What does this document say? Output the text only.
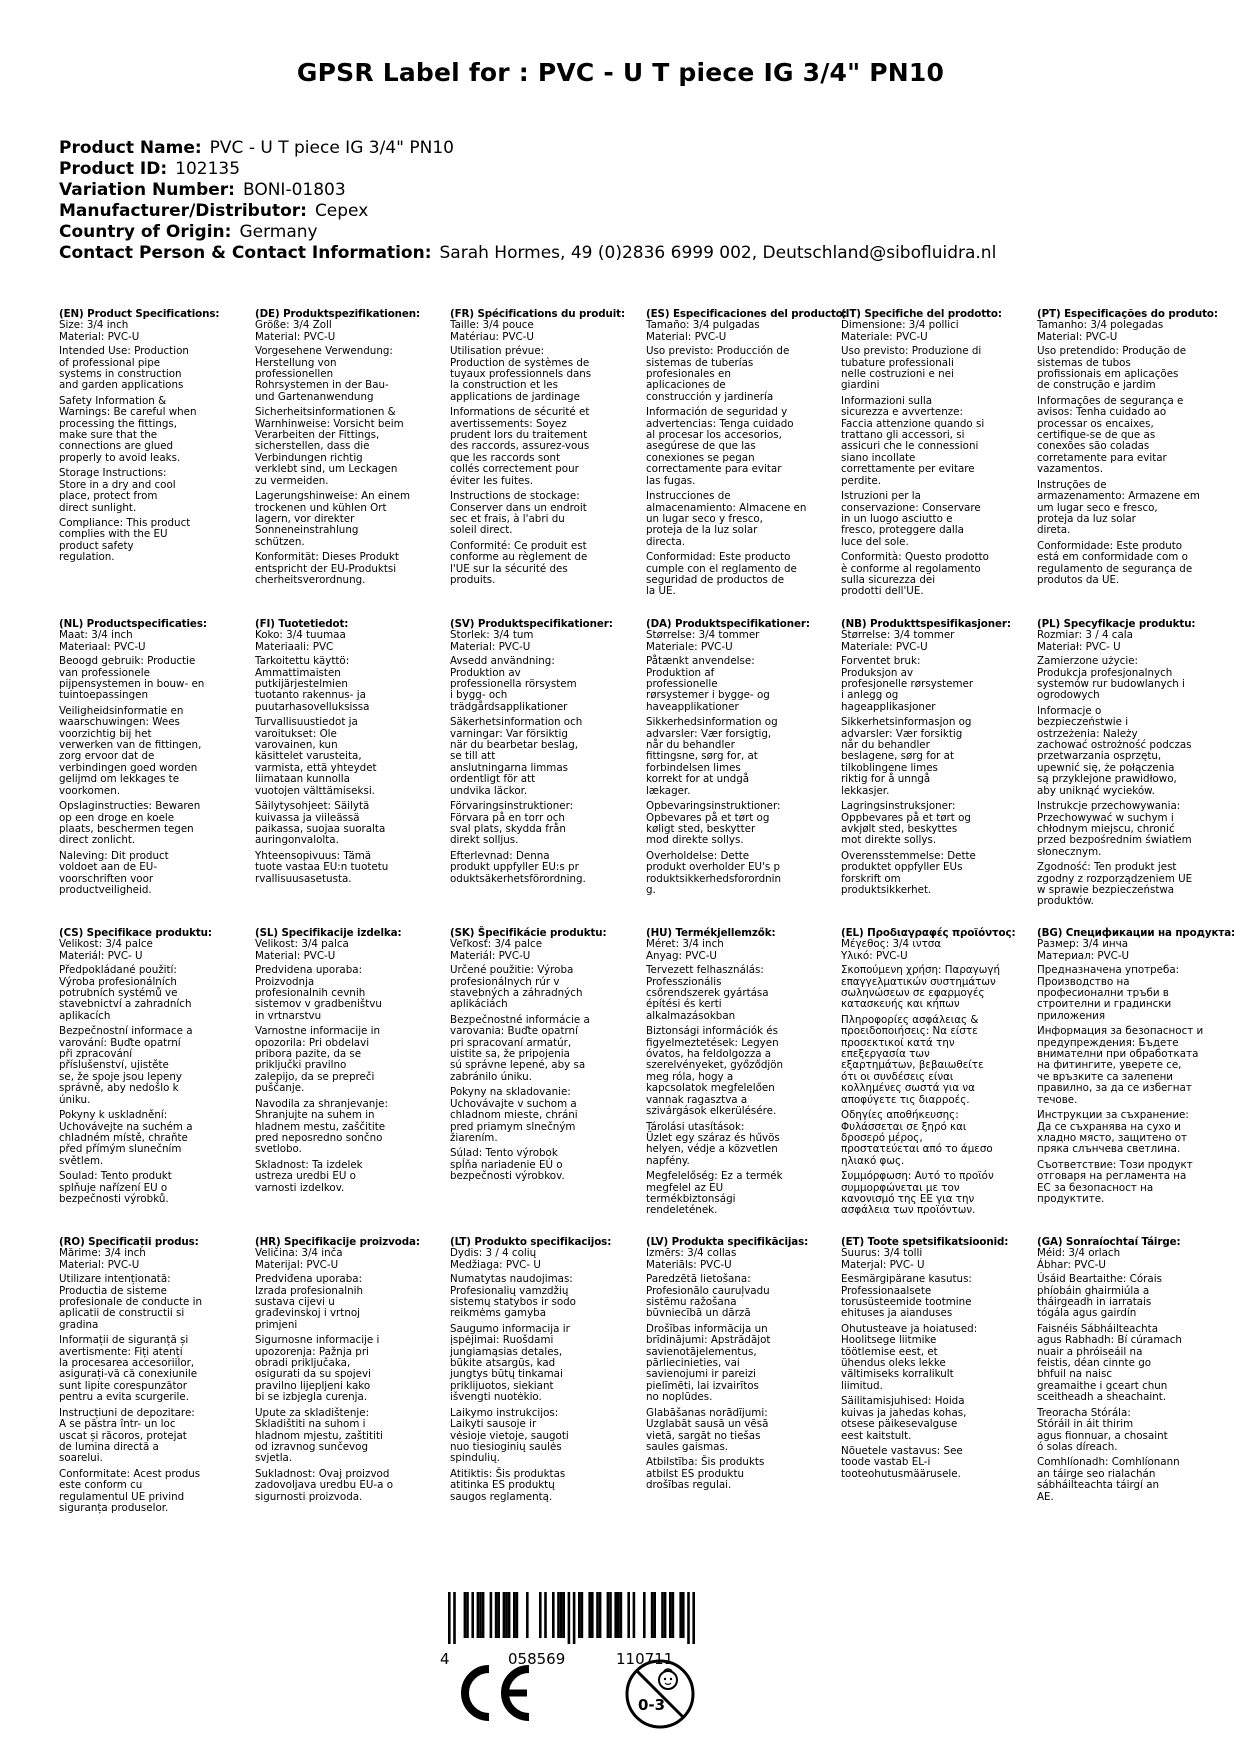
GPSR Label for : PVC - U T piece IG 3/4" PN10
Product Name: PVC - U T piece IG 3/4" PN10
Product ID: 102135
Variation Number: BONI-01803
Manufacturer/Distributor: Cepex
Country of Origin: Germany
Contact Person & Contact Information: Sarah Hormes, 49 (0)2836 6999 002, Deutschland@sibofluidra.nl
(EN) Product Specifications:
Size: 3/4 inch
Material: PVC-U
Intended Use: Production
of professional pipe
systems in construction
and garden applications
Safety Information &
Warnings: Be careful when
processing the fittings,
make sure that the
connections are glued
properly to avoid leaks.
Storage Instructions:
Store in a dry and cool
place, protect from
direct sunlight.
Compliance: This product
complies with the EU
product safety
regulation.
(DE) Produktspezifikationen:
Größe: 3/4 Zoll
Material: PVC-U
Vorgesehene Verwendung:
Herstellung von
professionellen
Rohrsystemen in der Bau-
und Gartenanwendung
Sicherheitsinformationen &
Warnhinweise: Vorsicht beim
Verarbeiten der Fittings,
sicherstellen, dass die
Verbindungen richtig
verklebt sind, um Leckagen
zu vermeiden.
Lagerungshinweise: An einem
trockenen und kühlen Ort
lagern, vor direkter
Sonneneinstrahlung
schützen.
Konformität: Dieses Produkt
entspricht der EU-Produktsi
cherheitsverordnung.
(FR) Spécifications du produit:
Taille: 3/4 pouce
Matériau: PVC-U
Utilisation prévue:
Production de systèmes de
tuyaux professionnels dans
la construction et les
applications de jardinage
Informations de sécurité et
avertissements: Soyez
prudent lors du traitement
des raccords, assurez-vous
que les raccords sont
collés correctement pour
éviter les fuites.
Instructions de stockage:
Conserver dans un endroit
sec et frais, à l'abri du
soleil direct.
Conformité: Ce produit est
conforme au règlement de
l'UE sur la sécurité des
produits.
(ES) Especificaciones del producto:
Tamaño: 3/4 pulgadas
Material: PVC-U
Uso previsto: Producción de
sistemas de tuberías
profesionales en
aplicaciones de
construcción y jardinería
Información de seguridad y
advertencias: Tenga cuidado
al procesar los accesorios,
asegúrese de que las
conexiones se pegan
correctamente para evitar
las fugas.
Instrucciones de
almacenamiento: Almacene en
un lugar seco y fresco,
proteja de la luz solar
directa.
Conformidad: Este producto
cumple con el reglamento de
seguridad de productos de
la UE.
(IT) Specifiche del prodotto:
Dimensione: 3/4 pollici
Materiale: PVC-U
Uso previsto: Produzione di
tubature professionali
nelle costruzioni e nei
giardini
Informazioni sulla
sicurezza e avvertenze:
Faccia attenzione quando si
trattano gli accessori, si
assicuri che le connessioni
siano incollate
correttamente per evitare
perdite.
Istruzioni per la
conservazione: Conservare
in un luogo asciutto e
fresco, proteggere dalla
luce del sole.
Conformità: Questo prodotto
è conforme al regolamento
sulla sicurezza dei
prodotti dell'UE.
(PT) Especificações do produto:
Tamanho: 3/4 polegadas
Material: PVC-U
Uso pretendido: Produção de
sistemas de tubos
profissionais em aplicações
de construção e jardim
Informações de segurança e
avisos: Tenha cuidado ao
processar os encaixes,
certifique-se de que as
conexões são coladas
corretamente para evitar
vazamentos.
Instruções de
armazenamento: Armazene em
um lugar seco e fresco,
proteja da luz solar
direta.
Conformidade: Este produto
está em conformidade com o
regulamento de segurança de
produtos da UE.
(NL) Productspecificaties:
Maat: 3/4 inch
Materiaal: PVC-U
Beoogd gebruik: Productie
van professionele
pijpensystemen in bouw- en
tuintoepassingen
Veiligheidsinformatie en
waarschuwingen: Wees
voorzichtig bij het
verwerken van de fittingen,
zorg ervoor dat de
verbindingen goed worden
gelijmd om lekkages te
voorkomen.
Opslaginstructies: Bewaren
op een droge en koele
plaats, beschermen tegen
direct zonlicht.
Naleving: Dit product
voldoet aan de EU-
voorschriften voor
productveiligheid.
(FI) Tuotetiedot:
Koko: 3/4 tuumaa
Materiaali: PVC
Tarkoitettu käyttö:
Ammattimaisten
putkijärjestelmien
tuotanto rakennus- ja
puutarhasovelluksissa
Turvallisuustiedot ja
varoitukset: Ole
varovainen, kun
käsittelet varusteita,
varmista, että yhteydet
liimataan kunnolla
vuotojen välttämiseksi.
Säilytysohjeet: Säilytä
kuivassa ja viileässä
paikassa, suojaa suoralta
auringonvalolta.
Yhteensopivuus: Tämä
tuote vastaa EU:n tuotetu
rvallisuusasetusta.
(SV) Produktspecifikationer:
Storlek: 3/4 tum
Material: PVC-U
Avsedd användning:
Produktion av
professionella rörsystem
i bygg- och
trädgårdsapplikationer
Säkerhetsinformation och
varningar: Var försiktig
när du bearbetar beslag,
se till att
anslutningarna limmas
ordentligt för att
undvika läckor.
Förvaringsinstruktioner:
Förvara på en torr och
sval plats, skydda från
direkt solljus.
Efterlevnad: Denna
produkt uppfyller EU:s pr
oduktsäkerhetsförordning.
(DA) Produktspecifikationer:
Størrelse: 3/4 tommer
Materiale: PVC-U
Påtænkt anvendelse:
Produktion af
professionelle
rørsystemer i bygge- og
haveapplikationer
Sikkerhedsinformation og
advarsler: Vær forsigtig,
når du behandler
fittingsne, sørg for, at
forbindelsen limes
korrekt for at undgå
lækager.
Opbevaringsinstruktioner:
Opbevares på et tørt og
køligt sted, beskytter
mod direkte sollys.
Overholdelse: Dette
produkt overholder EU's p
roduktsikkerhedsforordnin
g.
(NB) Produkttspesifikasjoner:
Størrelse: 3/4 tommer
Materiale: PVC-U
Forventet bruk:
Produksjon av
profesjonelle rørsystemer
i anlegg og
hageapplikasjoner
Sikkerhetsinformasjon og
advarsler: Vær forsiktig
når du behandler
beslagene, sørg for at
tilkoblingene limes
riktig for å unngå
lekkasjer.
Lagringsinstruksjoner:
Oppbevares på et tørt og
avkjølt sted, beskyttes
mot direkte sollys.
Overensstemmelse: Dette
produktet oppfyller EUs
forskrift om
produktsikkerhet.
(PL) Specyfikacje produktu:
Rozmiar: 3 / 4 cala
Materiał: PVC- U
Zamierzone użycie:
Produkcja profesjonalnych
systemów rur budowlanych i
ogrodowych
Informacje o
bezpieczeństwie i
ostrzeżenia: Należy
zachować ostrożność podczas
przetwarzania osprzętu,
upewnić się, że połączenia
są przyklejone prawidłowo,
aby uniknąć wycieków.
Instrukcje przechowywania:
Przechowywać w suchym i
chłodnym miejscu, chronić
przed bezpośrednim światłem
słonecznym.
Zgodność: Ten produkt jest
zgodny z rozporządzeniem UE
w sprawie bezpieczeństwa
produktów.
(CS) Specifikace produktu:
Velikost: 3/4 palce
Materiál: PVC- U
Předpokládané použití:
Výroba profesionálních
potrubních systémů ve
stavebnictví a zahradních
aplikacích
Bezpečnostní informace a
varování: Buďte opatrní
při zpracování
příslušenství, ujistěte
se, že spoje jsou lepeny
správně, aby nedošlo k
úniku.
Pokyny k uskladnění:
Uchovávejte na suchém a
chladném místě, chraňte
před přímým slunečním
světlem.
Soulad: Tento produkt
splňuje nařízení EU o
bezpečnosti výrobků.
(SL) Specifikacije izdelka:
Velikost: 3/4 palca
Material: PVC-U
Predvidena uporaba:
Proizvodnja
profesionalnih cevnih
sistemov v gradbeništvu
in vrtnarstvu
Varnostne informacije in
opozorila: Pri obdelavi
pribora pazite, da se
priključki pravilno
zalepijo, da se prepreči
puščanje.
Navodila za shranjevanje:
Shranjujte na suhem in
hladnem mestu, zaščitite
pred neposredno sončno
svetlobo.
Skladnost: Ta izdelek
ustreza uredbi EU o
varnosti izdelkov.
(SK) Špecifikácie produktu:
Veľkosť: 3/4 palce
Materiál: PVC-U
Určené použitie: Výroba
profesionálnych rúr v
stavebných a záhradných
aplikáciách
Bezpečnostné informácie a
varovania: Buďte opatrní
pri spracovaní armatúr,
uistite sa, že pripojenia
sú správne lepené, aby sa
zabránilo úniku.
Pokyny na skladovanie:
Uchovávajte v suchom a
chladnom mieste, chráni
pred priamym slnečným
žiarením.
Súlad: Tento výrobok
spĺňa nariadenie EÚ o
bezpečnosti výrobkov.
(HU) Termékjellemzők:
Méret: 3/4 inch
Anyag: PVC-U
Tervezett felhasználás:
Professzionális
csőrendszerek gyártása
építési és kerti
alkalmazásokban
Biztonsági információk és
figyelmeztetések: Legyen
óvatos, ha feldolgozza a
szerelvényeket, győződjön
meg róla, hogy a
kapcsolatok megfelelően
vannak ragasztva a
szivárgások elkerülésére.
Tárolási utasítások:
Üzlet egy száraz és hűvös
helyen, védje a közvetlen
napfény.
Megfelelőség: Ez a termék
megfelel az EU
termékbiztonsági
rendeletének.
(EL) Προδιαγραφές προϊόντος:
Μέγεθος: 3/4 ιντσα
Υλικό: PVC-U
Σκοπούμενη χρήση: Παραγωγή
επαγγελματικών συστημάτων
σωληνώσεων σε εφαρμογές
κατασκευής και κήπων
Πληροφορίες ασφάλειας &
προειδοποιήσεις: Να είστε
προσεκτικοί κατά την
επεξεργασία των
εξαρτημάτων, βεβαιωθείτε
ότι οι συνδέσεις είναι
κολλημένες σωστά για να
αποφύγετε τις διαρροές.
Οδηγίες αποθήκευσης:
Φυλάσσεται σε ξηρό και
δροσερό μέρος,
προστατεύεται από το άμεσο
ηλιακό φως.
Συμμόρφωση: Αυτό το προϊόν
συμμορφώνεται με τον
κανονισμό της ΕΕ για την
ασφάλεια των προϊόντων.
(BG) Спецификации на продукта:
Размер: 3/4 инча
Материал: PVC-U
Предназначена употреба:
Производство на
професионални тръби в
строителни и градински
приложения
Информация за безопасност и
предупреждения: Бъдете
внимателни при обработката
на фитингите, уверете се,
че връзките са залепени
правилно, за да се избегнат
течове.
Инструкции за съхранение:
Да се съхранява на сухо и
хладно място, защитено от
пряка слънчева светлина.
Съответствие: Този продукт
отговаря на регламента на
ЕС за безопасност на
продуктите.
(RO) Specificații produs:
Mărime: 3/4 inch
Material: PVC-U
Utilizare intenționată:
Productia de sisteme
profesionale de conducte in
aplicatii de constructii si
gradina
Informații de siguranță și
avertismente: Fiți atenți
la procesarea accesoriilor,
asigurați-vă că conexiunile
sunt lipite corespunzător
pentru a evita scurgerile.
Instrucțiuni de depozitare:
A se păstra într- un loc
uscat și răcoros, protejat
de lumina directă a
soarelui.
Conformitate: Acest produs
este conform cu
regulamentul UE privind
siguranța produselor.
(HR) Specifikacije proizvoda:
Veličina: 3/4 inča
Materijal: PVC-U
Predviđena uporaba:
Izrada profesionalnih
sustava cijevi u
građevinskoj i vrtnoj
primjeni
Sigurnosne informacije i
upozorenja: Pažnja pri
obradi priključaka,
osigurati da su spojevi
pravilno lijepljeni kako
bi se izbjegla curenja.
Upute za skladištenje:
Skladištiti na suhom i
hladnom mjestu, zaštititi
od izravnog sunčevog
svjetla.
Sukladnost: Ovaj proizvod
zadovoljava uredbu EU-a o
sigurnosti proizvoda.
(LT) Produkto specifikacijos:
Dydis: 3 / 4 colių
Medžiaga: PVC- U
Numatytas naudojimas:
Profesionalių vamzdžių
sistemų statybos ir sodo
reikmėms gamyba
Saugumo informacija ir
įspėjimai: Ruošdami
jungiamąsias detales,
būkite atsargūs, kad
jungtys būtų tinkamai
priklijuotos, siekiant
išvengti nuotėkio.
Laikymo instrukcijos:
Laikyti sausoje ir
vėsioje vietoje, saugoti
nuo tiesioginių saulės
spindulių.
Atitiktis: Šis produktas
atitinka ES produktų
saugos reglamentą.
(LV) Produkta specifikācijas:
Izmērs: 3/4 collas
Materiāls: PVC-U
Paredzētā lietošana:
Profesionālo cauruļvadu
sistēmu ražošana
būvniecībā un dārzā
Drošības informācija un
brīdinājumi: Apstrādājot
savienotājelementus,
pārliecinieties, vai
savienojumi ir pareizi
pielīmēti, lai izvairītos
no noplūdes.
Glabāšanas norādījumi:
Uzglabāt sausā un vēsā
vietā, sargāt no tiešas
saules gaismas.
Atbilstība: Šis produkts
atbilst ES produktu
drošības regulai.
(ET) Toote spetsifikatsioonid:
Suurus: 3/4 tolli
Materjal: PVC- U
Eesmärgipärane kasutus:
Professionaalsete
torusüsteemide tootmine
ehituses ja aianduses
Ohutusteave ja hoiatused:
Hoolitsege liitmike
töötlemise eest, et
ühendus oleks lekke
vältimiseks korralikult
liimitud.
Säilitamisjuhised: Hoida
kuivas ja jahedas kohas,
otsese päikesevalguse
eest kaitstult.
Nõuetele vastavus: See
toode vastab EL-i
tooteohutusmäärusele.
(GA) Sonraíochtaí Táirge:
Méid: 3/4 orlach
Ábhar: PVC-U
Úsáid Beartaithe: Córais
phíobáin ghairmiúla a
tháirgeadh in iarratais
tógála agus gairdín
Faisnéis Sábháilteachta
agus Rabhadh: Bí cúramach
nuair a phróiseáil na
feistis, déan cinnte go
bhfuil na naisc
greamaithe i gceart chun
sceitheadh a sheachaint.
Treoracha Stórála:
Stóráil in áit thirim
agus fionnuar, a chosaint
ó solas díreach.
Comhlíonadh: Comhlíonann
an táirge seo rialachán
sábháilteachta táirgí an
AE.
4	058569	110711
0-3
